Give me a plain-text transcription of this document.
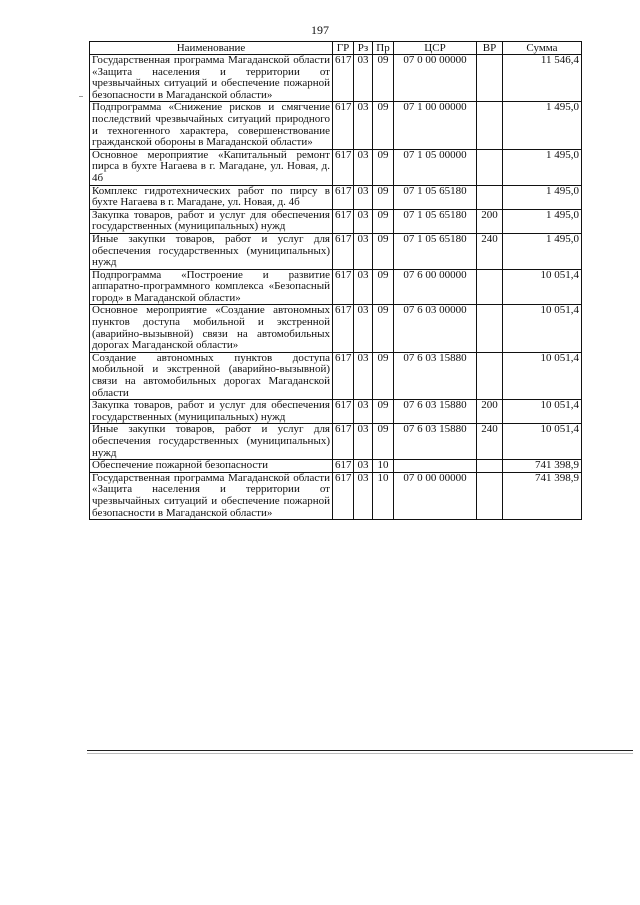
197
Наименование	ГР	Рз	Пр	ЦСР	ВР	Сумма
Государственная программа Магаданской области «Защита населения и территории от чрезвычайных ситуаций и обеспечение пожарной безопасности в Магаданской области»	617	03	09	07 0 00 00000		11 546,4
Подпрограмма «Снижение рисков и смягчение последствий чрезвычайных ситуаций природного и техногенного характера, совершенствование гражданской обороны в Магаданской области»	617	03	09	07 1 00 00000		1 495,0
Основное мероприятие «Капитальный ремонт пирса в бухте Нагаева в г. Магадане, ул. Новая, д. 4б	617	03	09	07 1 05 00000		1 495,0
Комплекс гидротехнических работ по пирсу в бухте Нагаева в г. Магадане, ул. Новая, д. 4б	617	03	09	07 1 05 65180		1 495,0
Закупка товаров, работ и услуг для обеспечения государственных (муниципальных) нужд	617	03	09	07 1 05 65180	200	1 495,0
Иные закупки товаров, работ и услуг для обеспечения государственных (муниципальных) нужд	617	03	09	07 1 05 65180	240	1 495,0
Подпрограмма «Построение и развитие аппаратно-программного комплекса «Безопасный город» в Магаданской области»	617	03	09	07 6 00 00000		10 051,4
Основное мероприятие «Создание автономных пунктов доступа мобильной и экстренной (аварийно-вызывной) связи на автомобильных дорогах Магаданской области»	617	03	09	07 6 03 00000		10 051,4
Создание автономных пунктов доступа мобильной и экстренной (аварийно-вызывной) связи на автомобильных дорогах Магаданской области	617	03	09	07 6 03 15880		10 051,4
Закупка товаров, работ и услуг для обеспечения государственных (муниципальных) нужд	617	03	09	07 6 03 15880	200	10 051,4
Иные закупки товаров, работ и услуг для обеспечения государственных (муниципальных) нужд	617	03	09	07 6 03 15880	240	10 051,4
Обеспечение пожарной безопасности	617	03	10			741 398,9
Государственная программа Магаданской области «Защита населения и территории от чрезвычайных ситуаций и обеспечение пожарной безопасности в Магаданской области»	617	03	10	07 0 00 00000		741 398,9
